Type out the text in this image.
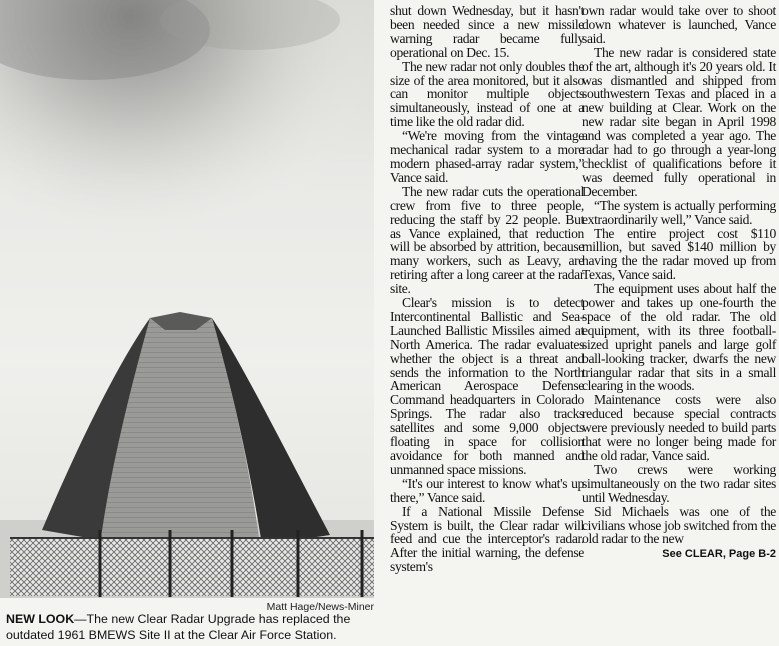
Matt Hage/News-Miner
NEW LOOK—The new Clear Radar Upgrade has replaced the outdated 1961 BMEWS Site II at the Clear Air Force Station.

shut down Wednesday, but it hasn't been needed since a new missile warning radar became fully operational on Dec. 15.

The new radar not only doubles the size of the area monitored, but it also can monitor multiple objects simultaneously, instead of one at a time like the old radar did.

“We're moving from the vintage mechanical radar system to a more modern phased-array radar system,” Vance said.

The new radar cuts the operational crew from five to three people, reducing the staff by 22 people. But as Vance explained, that reduction will be absorbed by attrition, because many workers, such as Leavy, are retiring after a long career at the radar site.

Clear's mission is to detect Intercontinental Ballistic and Sea-Launched Ballistic Missiles aimed at North America. The radar evaluates whether the object is a threat and sends the information to the North American Aerospace Defense Command headquarters in Colorado Springs. The radar also tracks satellites and some 9,000 objects floating in space for collision avoidance for both manned and unmanned space missions.

“It's our interest to know what's up there,” Vance said.

If a National Missile Defense System is built, the Clear radar will feed and cue the interceptor's radar. After the initial warning, the defense system's

own radar would take over to shoot down whatever is launched, Vance said.

The new radar is considered state of the art, although it's 20 years old. It was dismantled and shipped from southwestern Texas and placed in a new building at Clear. Work on the new radar site began in April 1998 and was completed a year ago. The radar had to go through a year-long checklist of qualifications before it was deemed fully operational in December.

“The system is actually performing extraordinarily well,” Vance said.

The entire project cost $110 million, but saved $140 million by having the the radar moved up from Texas, Vance said.

The equipment uses about half the power and takes up one-fourth the space of the old radar. The old equipment, with its three football-sized upright panels and large golf ball-looking tracker, dwarfs the new triangular radar that sits in a small clearing in the woods.

Maintenance costs were also reduced because special contracts were previously needed to build parts that were no longer being made for the old radar, Vance said.

Two crews were working simultaneously on the two radar sites until Wednesday.

Sid Michaels was one of the civilians whose job switched from the old radar to the new

See CLEAR, Page B-2
